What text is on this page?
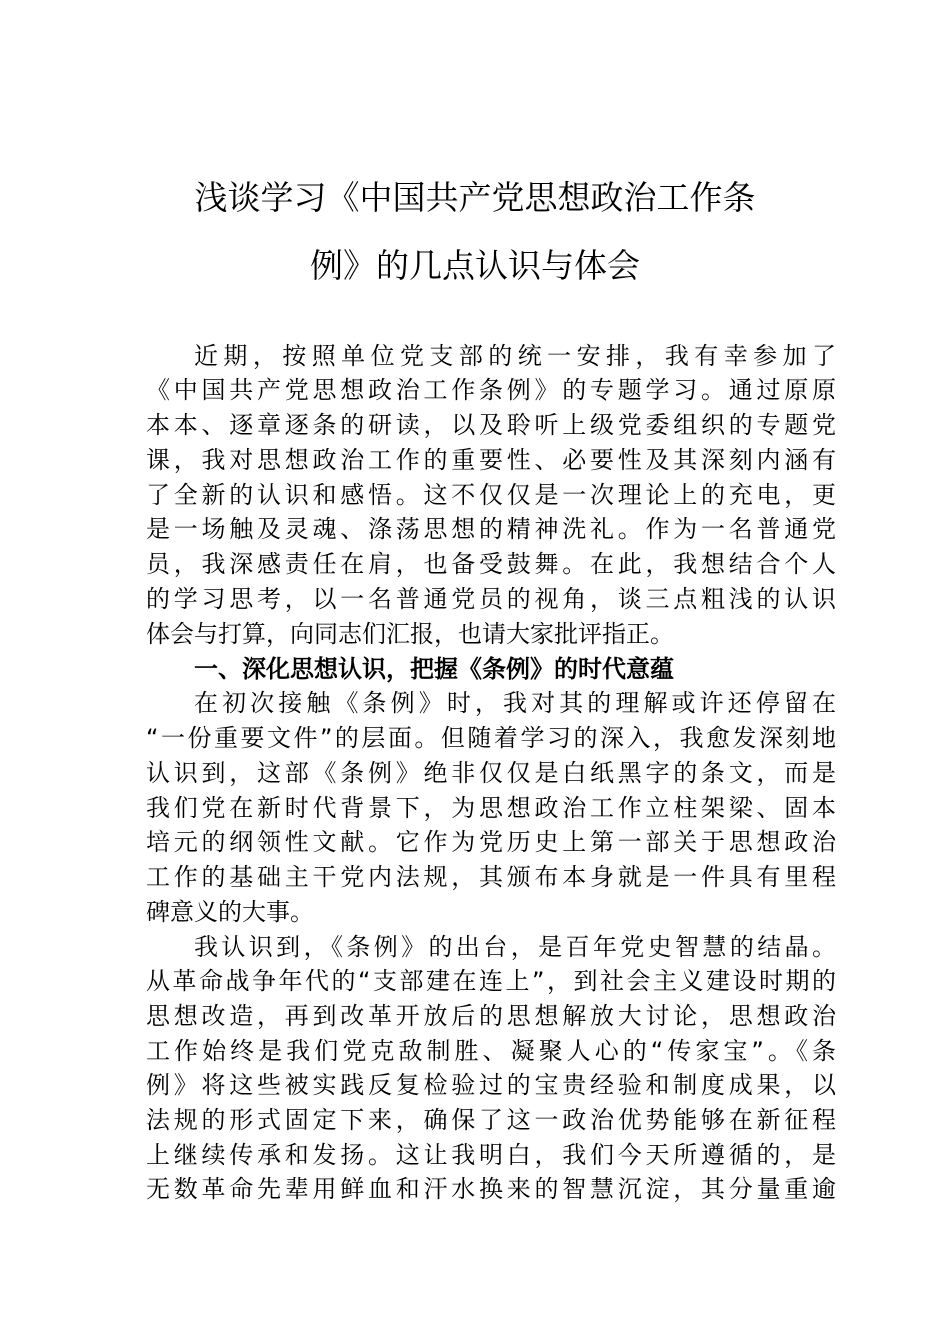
浅谈学习《中国共产党思想政治工作条
例》的几点认识与体会
近期，按照单位党支部的统一安排，我有幸参加了
《中国共产党思想政治工作条例》的专题学习。通过原原
本本、逐章逐条的研读，以及聆听上级党委组织的专题党
课，我对思想政治工作的重要性、必要性及其深刻内涵有
了全新的认识和感悟。这不仅仅是一次理论上的充电，更
是一场触及灵魂、涤荡思想的精神洗礼。作为一名普通党
员，我深感责任在肩，也备受鼓舞。在此，我想结合个人
的学习思考，以一名普通党员的视角，谈三点粗浅的认识
体会与打算，向同志们汇报，也请大家批评指正。
一、深化思想认识，把握《条例》的时代意蕴
在初次接触《条例》时，我对其的理解或许还停留在
“一份重要文件”的层面。但随着学习的深入，我愈发深刻地
认识到，这部《条例》绝非仅仅是白纸黑字的条文，而是
我们党在新时代背景下，为思想政治工作立柱架梁、固本
培元的纲领性文献。它作为党历史上第一部关于思想政治
工作的基础主干党内法规，其颁布本身就是一件具有里程
碑意义的大事。
我认识到，《条例》的出台，是百年党史智慧的结晶。
从革命战争年代的“支部建在连上”，到社会主义建设时期的
思想改造，再到改革开放后的思想解放大讨论，思想政治
工作始终是我们党克敌制胜、凝聚人心的“传家宝”。《条
例》将这些被实践反复检验过的宝贵经验和制度成果，以
法规的形式固定下来，确保了这一政治优势能够在新征程
上继续传承和发扬。这让我明白，我们今天所遵循的，是
无数革命先辈用鲜血和汗水换来的智慧沉淀，其分量重逾
